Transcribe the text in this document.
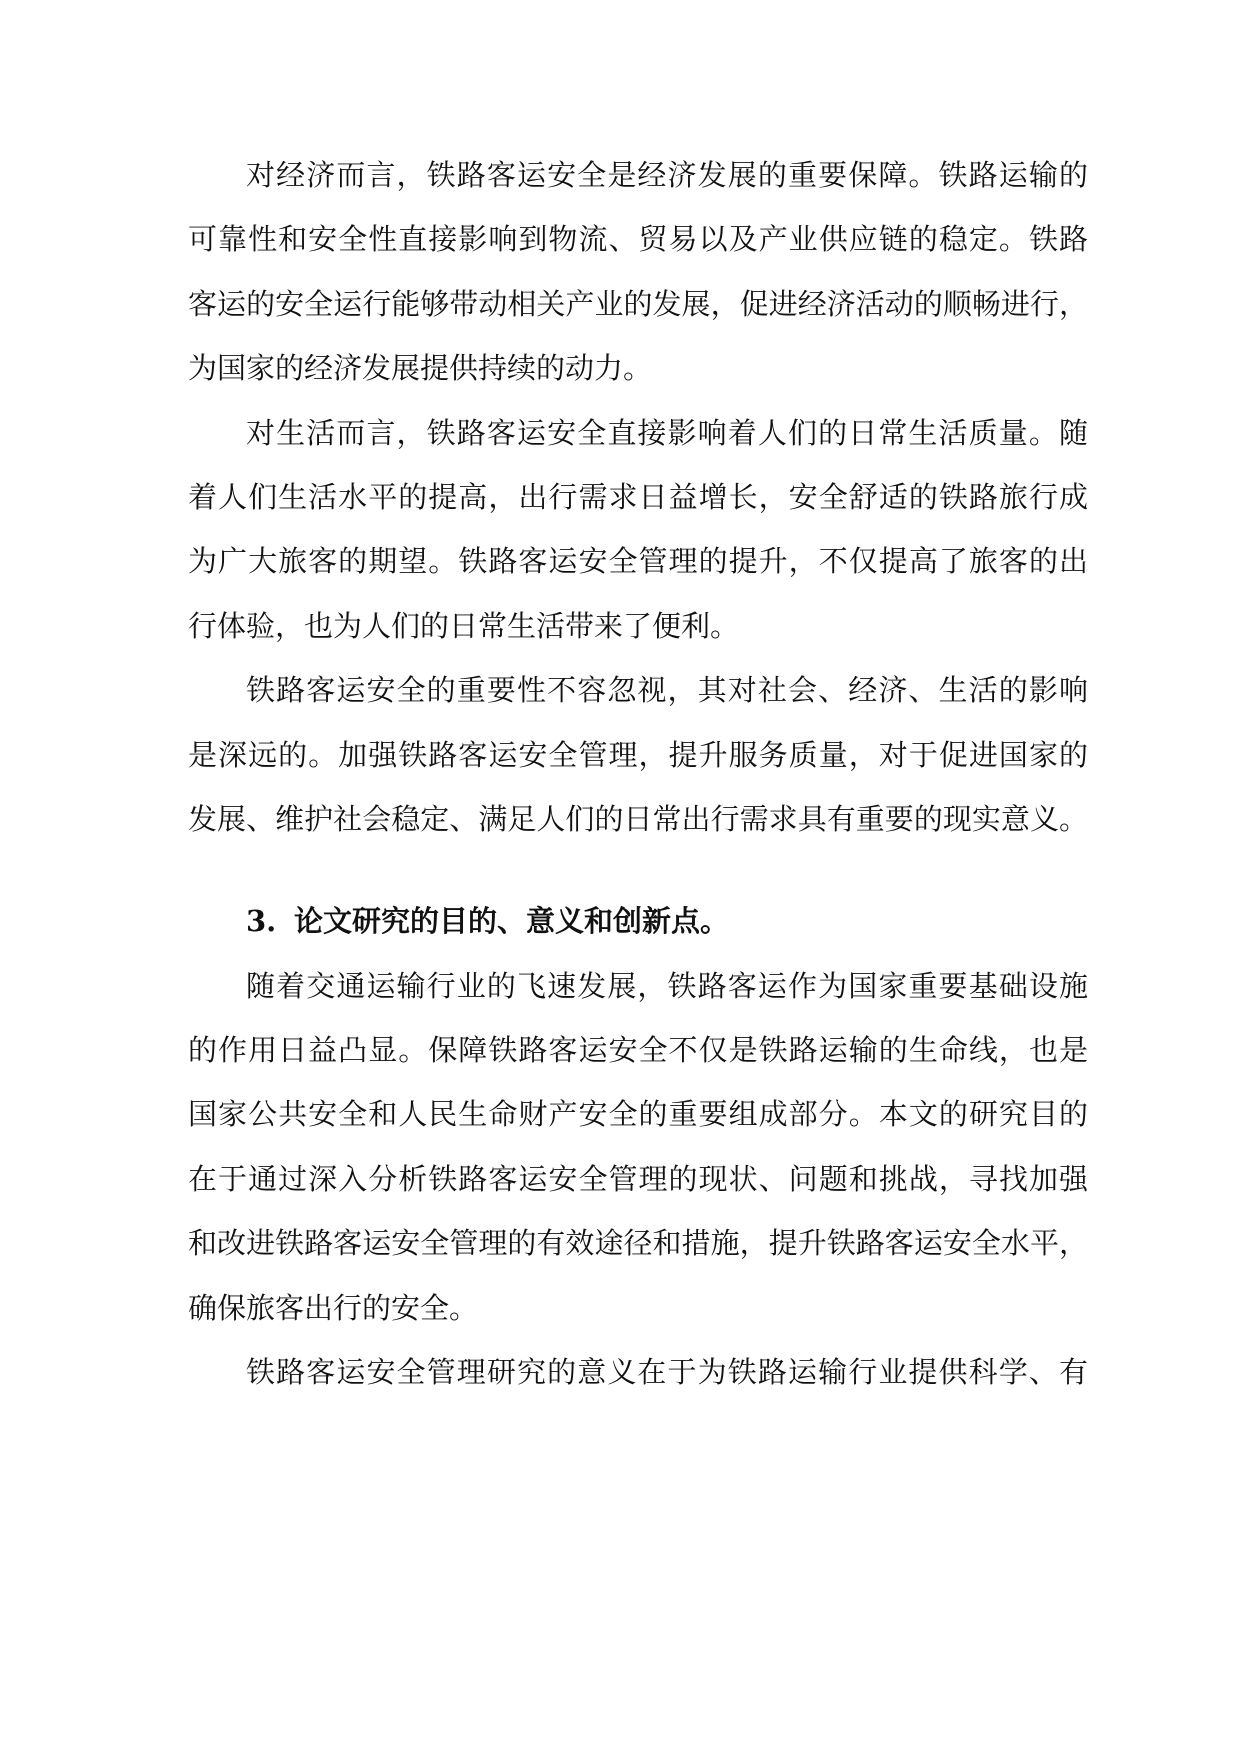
对经济而言，铁路客运安全是经济发展的重要保障。铁路运输的
可靠性和安全性直接影响到物流、贸易以及产业供应链的稳定。铁路
客运的安全运行能够带动相关产业的发展，促进经济活动的顺畅进行，
为国家的经济发展提供持续的动力。
对生活而言，铁路客运安全直接影响着人们的日常生活质量。随
着人们生活水平的提高，出行需求日益增长，安全舒适的铁路旅行成
为广大旅客的期望。铁路客运安全管理的提升，不仅提高了旅客的出
行体验，也为人们的日常生活带来了便利。
铁路客运安全的重要性不容忽视，其对社会、经济、生活的影响
是深远的。加强铁路客运安全管理，提升服务质量，对于促进国家的
发展、维护社会稳定、满足人们的日常出行需求具有重要的现实意义。
3. 论文研究的目的、意义和创新点。
随着交通运输行业的飞速发展，铁路客运作为国家重要基础设施
的作用日益凸显。保障铁路客运安全不仅是铁路运输的生命线，也是
国家公共安全和人民生命财产安全的重要组成部分。本文的研究目的
在于通过深入分析铁路客运安全管理的现状、问题和挑战，寻找加强
和改进铁路客运安全管理的有效途径和措施，提升铁路客运安全水平，
确保旅客出行的安全。
铁路客运安全管理研究的意义在于为铁路运输行业提供科学、有
